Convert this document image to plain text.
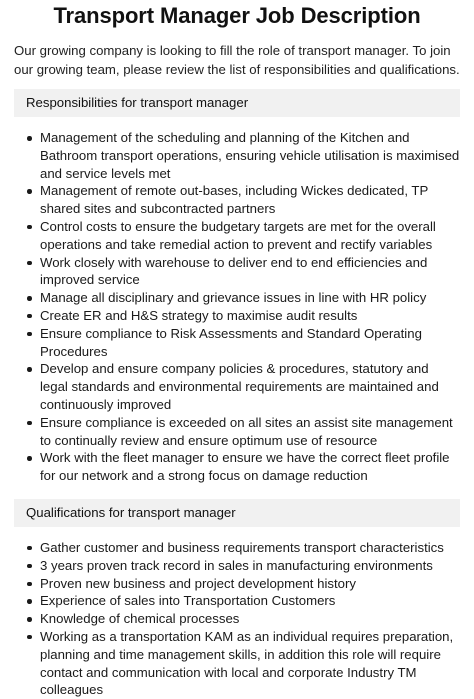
Transport Manager Job Description

Our growing company is looking to fill the role of transport manager. To join our growing team, please review the list of responsibilities and qualifications.

Responsibilities for transport manager
Management of the scheduling and planning of the Kitchen and Bathroom transport operations, ensuring vehicle utilisation is maximised and service levels met
Management of remote out-bases, including Wickes dedicated, TP shared sites and subcontracted partners
Control costs to ensure the budgetary targets are met for the overall operations and take remedial action to prevent and rectify variables
Work closely with warehouse to deliver end to end efficiencies and improved service
Manage all disciplinary and grievance issues in line with HR policy
Create ER and H&S strategy to maximise audit results
Ensure compliance to Risk Assessments and Standard Operating Procedures
Develop and ensure company policies & procedures, statutory and legal standards and environmental requirements are maintained and continuously improved
Ensure compliance is exceeded on all sites an assist site management to continually review and ensure optimum use of resource
Work with the fleet manager to ensure we have the correct fleet profile for our network and a strong focus on damage reduction
Qualifications for transport manager
Gather customer and business requirements transport characteristics
3 years proven track record in sales in manufacturing environments
Proven new business and project development history
Experience of sales into Transportation Customers
Knowledge of chemical processes
Working as a transportation KAM as an individual requires preparation, planning and time management skills, in addition this role will require contact and communication with local and corporate Industry TM colleagues
